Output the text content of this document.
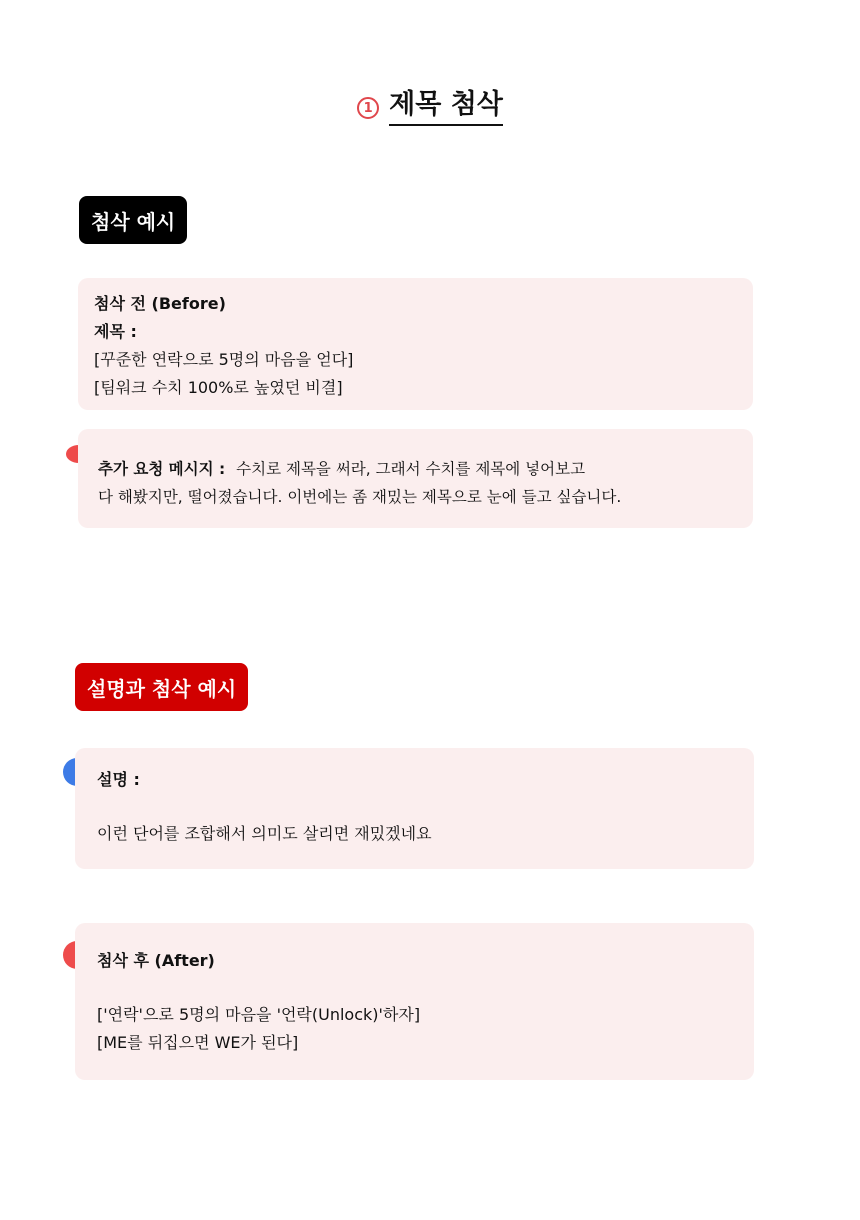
1 제목 첨삭
첨삭 예시
첨삭 전 (Before)
제목 :
[꾸준한 연락으로 5명의 마음을 얻다]
[팀워크 수치 100%로 높였던 비결]
추가 요청 메시지 : 수치로 제목을 써라, 그래서 수치를 제목에 넣어보고
다 해봤지만, 떨어졌습니다. 이번에는 좀 재밌는 제목으로 눈에 들고 싶습니다.
설명과 첨삭 예시
설명 :
이런 단어를 조합해서 의미도 살리면 재밌겠네요
첨삭 후 (After)
['연락'으로 5명의 마음을 '언락(Unlock)'하자]
[ME를 뒤집으면 WE가 된다]
